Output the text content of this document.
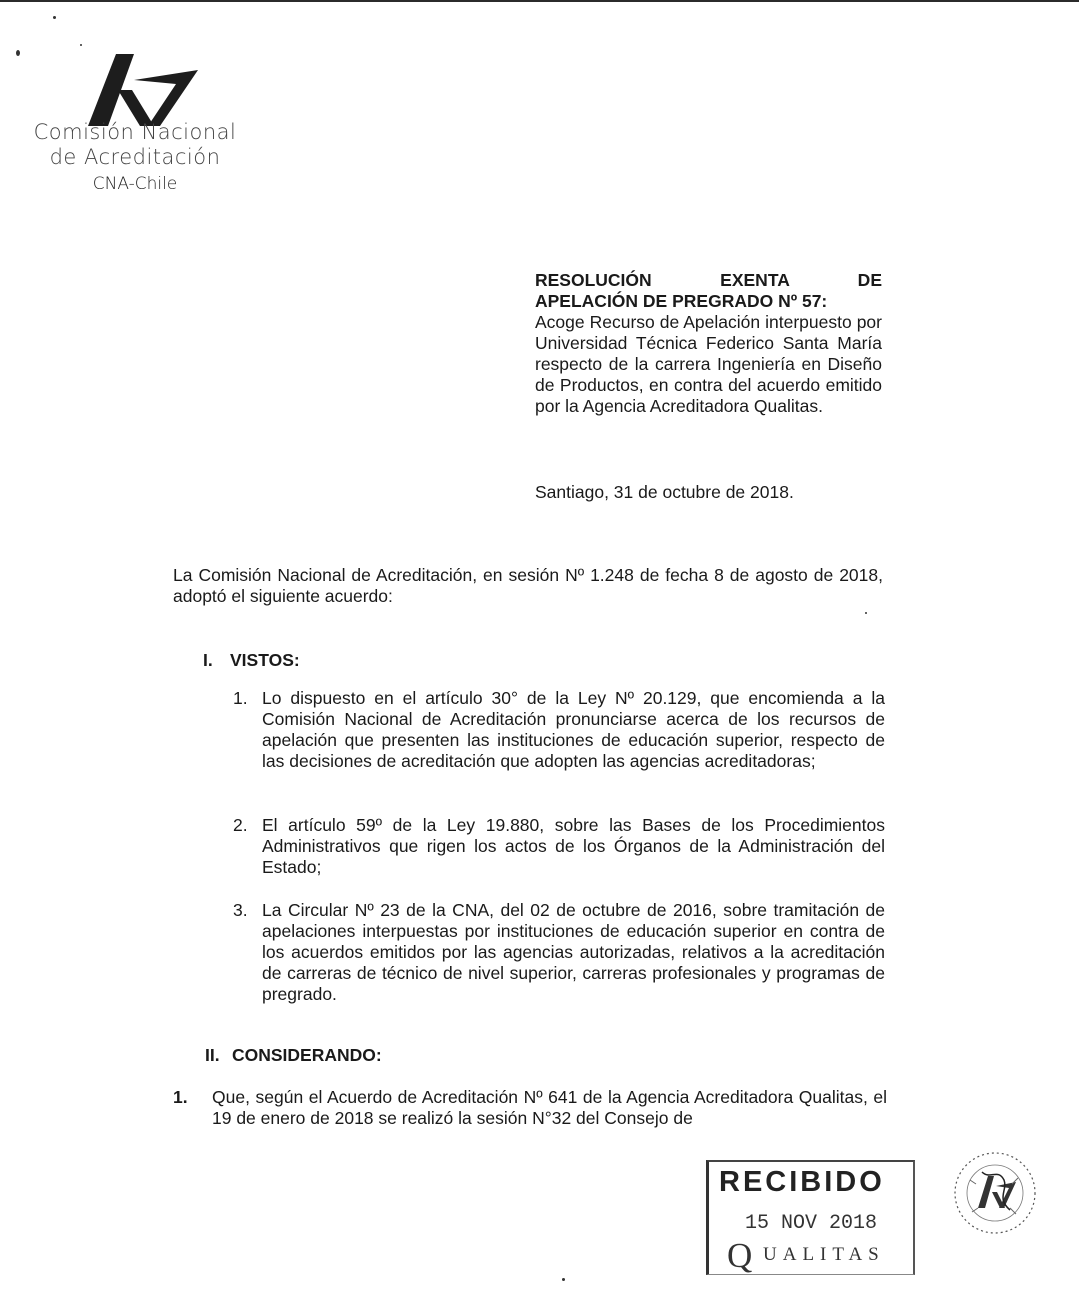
Comisión Nacional
de Acreditación
CNA-Chile
RESOLUCIÓN EXENTA DE
APELACIÓN DE PREGRADO Nº 57:
Acoge Recurso de Apelación interpuesto por Universidad Técnica Federico Santa María respecto de la carrera Ingeniería en Diseño de Productos, en contra del acuerdo emitido por la Agencia Acreditadora Qualitas.
Santiago, 31 de octubre de 2018.
La Comisión Nacional de Acreditación, en sesión Nº 1.248 de fecha 8 de agosto de 2018, adoptó el siguiente acuerdo:
I. VISTOS:
1. Lo dispuesto en el artículo 30° de la Ley Nº 20.129, que encomienda a la Comisión Nacional de Acreditación pronunciarse acerca de los recursos de apelación que presenten las instituciones de educación superior, respecto de las decisiones de acreditación que adopten las agencias acreditadoras;
2. El artículo 59º de la Ley 19.880, sobre las Bases de los Procedimientos Administrativos que rigen los actos de los Órganos de la Administración del Estado;
3. La Circular Nº 23 de la CNA, del 02 de octubre de 2016, sobre tramitación de apelaciones interpuestas por instituciones de educación superior en contra de los acuerdos emitidos por las agencias autorizadas, relativos a la acreditación de carreras de técnico de nivel superior, carreras profesionales y programas de pregrado.
II. CONSIDERANDO:
1.	Que, según el Acuerdo de Acreditación Nº 641 de la Agencia Acreditadora Qualitas, el 19 de enero de 2018 se realizó la sesión N°32 del Consejo de
RECIBIDO
15 NOV 2018
Q UALITAS
